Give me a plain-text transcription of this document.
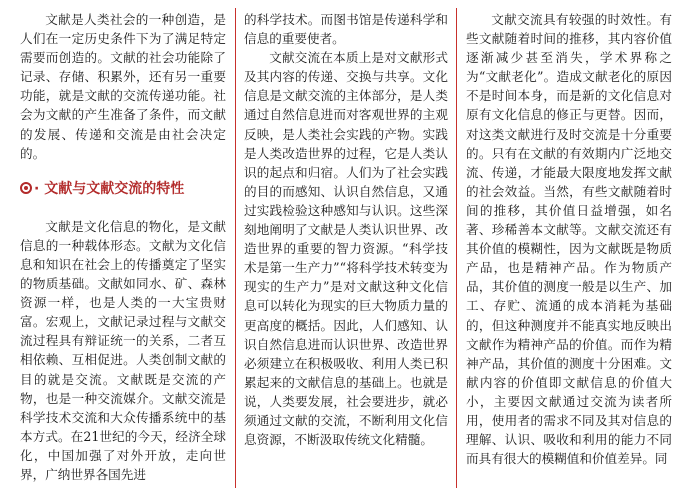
文献是人类社会的一种创造，是人们在一定历史条件下为了满足特定需要而创造的。文献的社会功能除了记录、存储、积累外，还有另一重要功能，就是文献的交流传递功能。社会为文献的产生准备了条件，而文献的发展、传递和交流是由社会决定的。

· 文献与文献交流的特性

文献是文化信息的物化，是文献信息的一种载体形态。文献为文化信息和知识在社会上的传播奠定了坚实的物质基础。文献如同水、矿、森林资源一样，也是人类的一大宝贵财富。宏观上，文献记录过程与文献交流过程具有辩证统一的关系，二者互相依赖、互相促进。人类创制文献的目的就是交流。文献既是交流的产物，也是一种交流媒介。文献交流是科学技术交流和大众传播系统中的基本方式。在21世纪的今天，经济全球化，中国加强了对外开放，走向世界，广纳世界各国先进

的科学技术。而图书馆是传递科学和信息的重要使者。

文献交流在本质上是对文献形式及其内容的传递、交换与共享。文化信息是文献交流的主体部分，是人类通过自然信息进而对客观世界的主观反映，是人类社会实践的产物。实践是人类改造世界的过程，它是人类认识的起点和归宿。人们为了社会实践的目的而感知、认识自然信息，又通过实践检验这种感知与认识。这些深刻地阐明了文献是人类认识世界、改造世界的重要的智力资源。“科学技术是第一生产力”“将科学技术转变为现实的生产力”是对文献这种文化信息可以转化为现实的巨大物质力量的更高度的概括。因此，人们感知、认识自然信息进而认识世界、改造世界必须建立在积极吸收、利用人类已积累起来的文献信息的基础上。也就是说，人类要发展，社会要进步，就必须通过文献的交流，不断利用文化信息资源，不断汲取传统文化精髓。

文献交流具有较强的时效性。有些文献随着时间的推移，其内容价值逐渐减少甚至消失，学术界称之为“文献老化”。造成文献老化的原因不是时间本身，而是新的文化信息对原有文化信息的修正与更替。因而，对这类文献进行及时交流是十分重要的。只有在文献的有效期内广泛地交流、传递，才能最大限度地发挥文献的社会效益。当然，有些文献随着时间的推移，其价值日益增强，如名著、珍稀善本文献等。文献交流还有其价值的模糊性，因为文献既是物质产品，也是精神产品。作为物质产品，其价值的测度一般是以生产、加工、存贮、流通的成本消耗为基础的，但这种测度并不能真实地反映出文献作为精神产品的价值。而作为精神产品，其价值的测度十分困难。文献内容的价值即文献信息的价值大小，主要因文献通过交流为读者所用，使用者的需求不同及其对信息的理解、认识、吸收和利用的能力不同而具有很大的模糊值和价值差异。同
